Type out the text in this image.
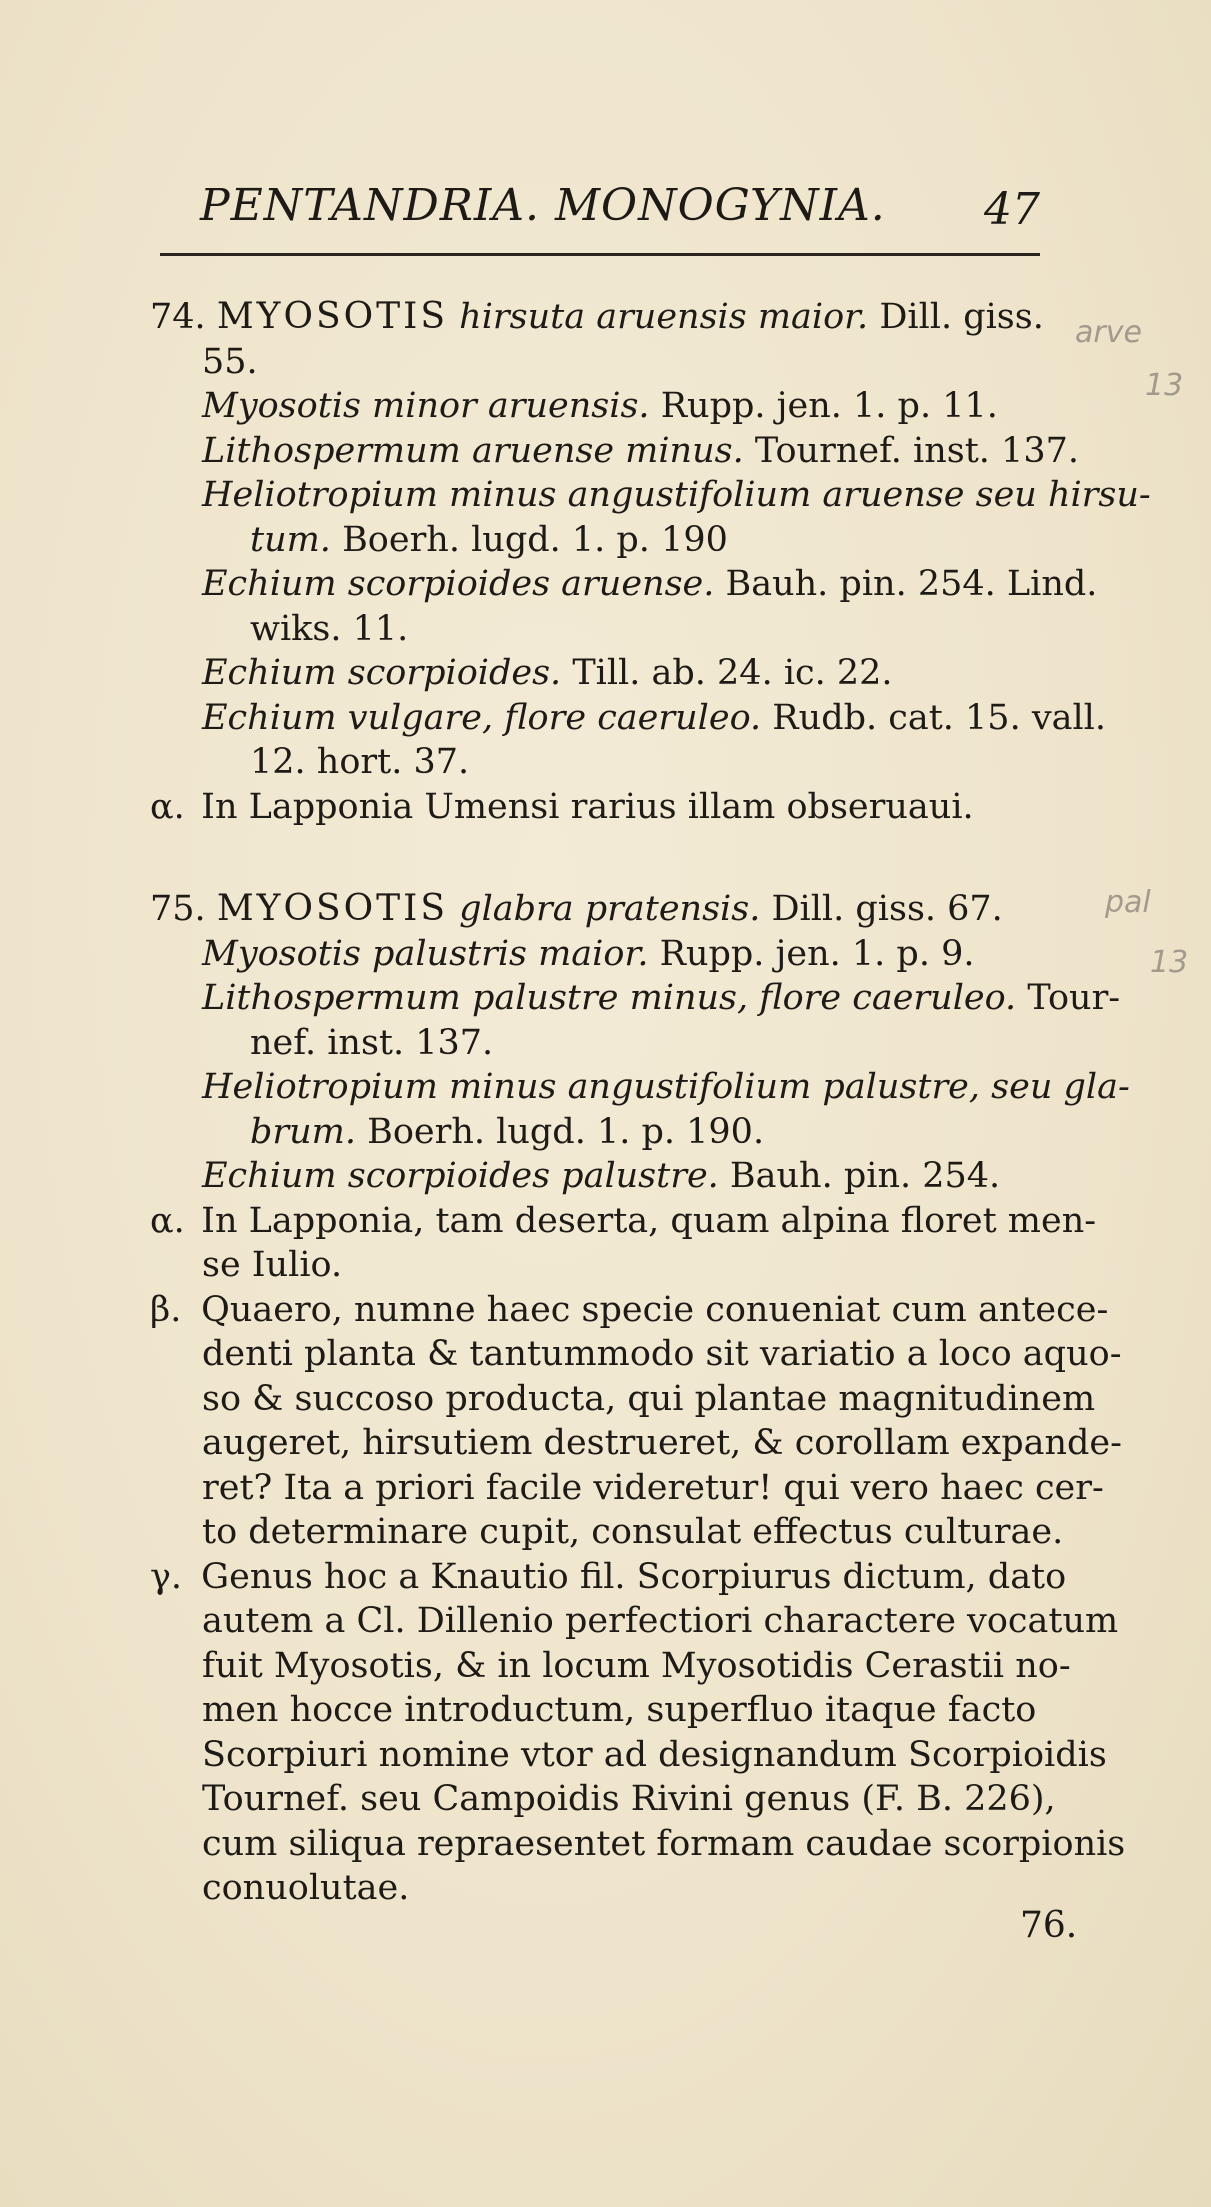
PENTANDRIA. MONOGYNIA. 47
74. MYOSOTIS hirsuta aruensis maior. Dill. giss.
55.
Myosotis minor aruensis. Rupp. jen. 1. p. 11.
Lithospermum aruense minus. Tournef. inst. 137.
Heliotropium minus angustifolium aruense seu hirsu-
tum. Boerh. lugd. 1. p. 190
Echium scorpioides aruense. Bauh. pin. 254. Lind.
wiks. 11.
Echium scorpioides. Till. ab. 24. ic. 22.
Echium vulgare, flore caeruleo. Rudb. cat. 15. vall.
12. hort. 37.
α. In Lapponia Umensi rarius illam obseruaui.
75. MYOSOTIS glabra pratensis. Dill. giss. 67.
Myosotis palustris maior. Rupp. jen. 1. p. 9.
Lithospermum palustre minus, flore caeruleo. Tour-
nef. inst. 137.
Heliotropium minus angustifolium palustre, seu gla-
brum. Boerh. lugd. 1. p. 190.
Echium scorpioides palustre. Bauh. pin. 254.
α. In Lapponia, tam deserta, quam alpina floret men-
se Iulio.
β. Quaero, numne haec specie conueniat cum antece-
denti planta & tantummodo sit variatio a loco aquo-
so & succoso producta, qui plantae magnitudinem
augeret, hirsutiem destrueret, & corollam expande-
ret? Ita a priori facile videretur! qui vero haec cer-
to determinare cupit, consulat effectus culturae.
γ. Genus hoc a Knautio fil. Scorpiurus dictum, dato
autem a Cl. Dillenio perfectiori charactere vocatum
fuit Myosotis, & in locum Myosotidis Cerastii no-
men hocce introductum, superfluo itaque facto
Scorpiuri nomine vtor ad designandum Scorpioidis
Tournef. seu Campoidis Rivini genus (F. B. 226),
cum siliqua repraesentet formam caudae scorpionis
conuolutae.
arve
13
pal
13
76.
